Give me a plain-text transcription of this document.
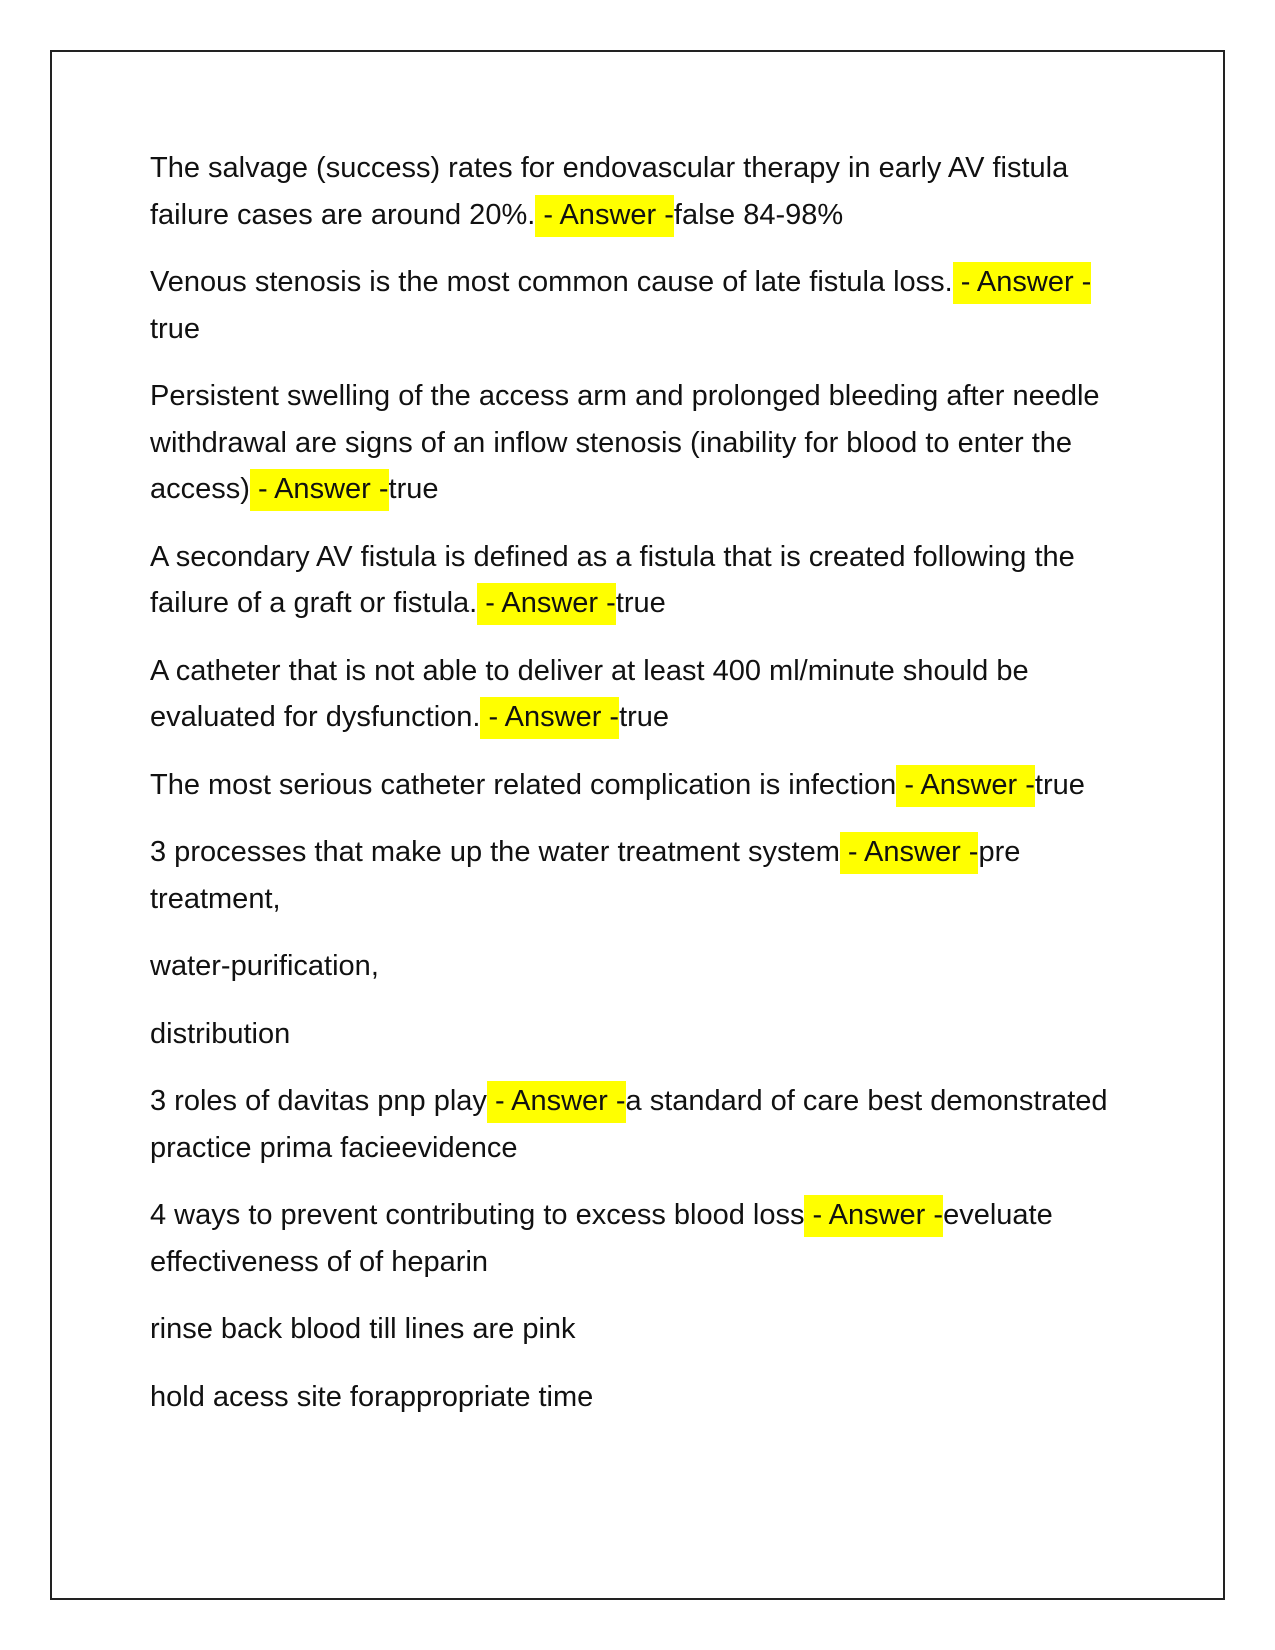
The salvage (success) rates for endovascular therapy in early AV fistula failure cases are around 20%. - Answer -false 84-98%

Venous stenosis is the most common cause of late fistula loss. - Answer -true

Persistent swelling of the access arm and prolonged bleeding after needle withdrawal are signs of an inflow stenosis (inability for blood to enter the access) - Answer -true

A secondary AV fistula is defined as a fistula that is created following the failure of a graft or fistula. - Answer -true

A catheter that is not able to deliver at least 400 ml/minute should be evaluated for dysfunction. - Answer -true

The most serious catheter related complication is infection - Answer -true

3 processes that make up the water treatment system - Answer -pre treatment,

water-purification,

distribution

3 roles of davitas pnp play - Answer -a standard of care best demonstrated practice prima facieevidence

4 ways to prevent contributing to excess blood loss - Answer -eveluate effectiveness of of heparin

rinse back blood till lines are pink

hold acess site forappropriate time
